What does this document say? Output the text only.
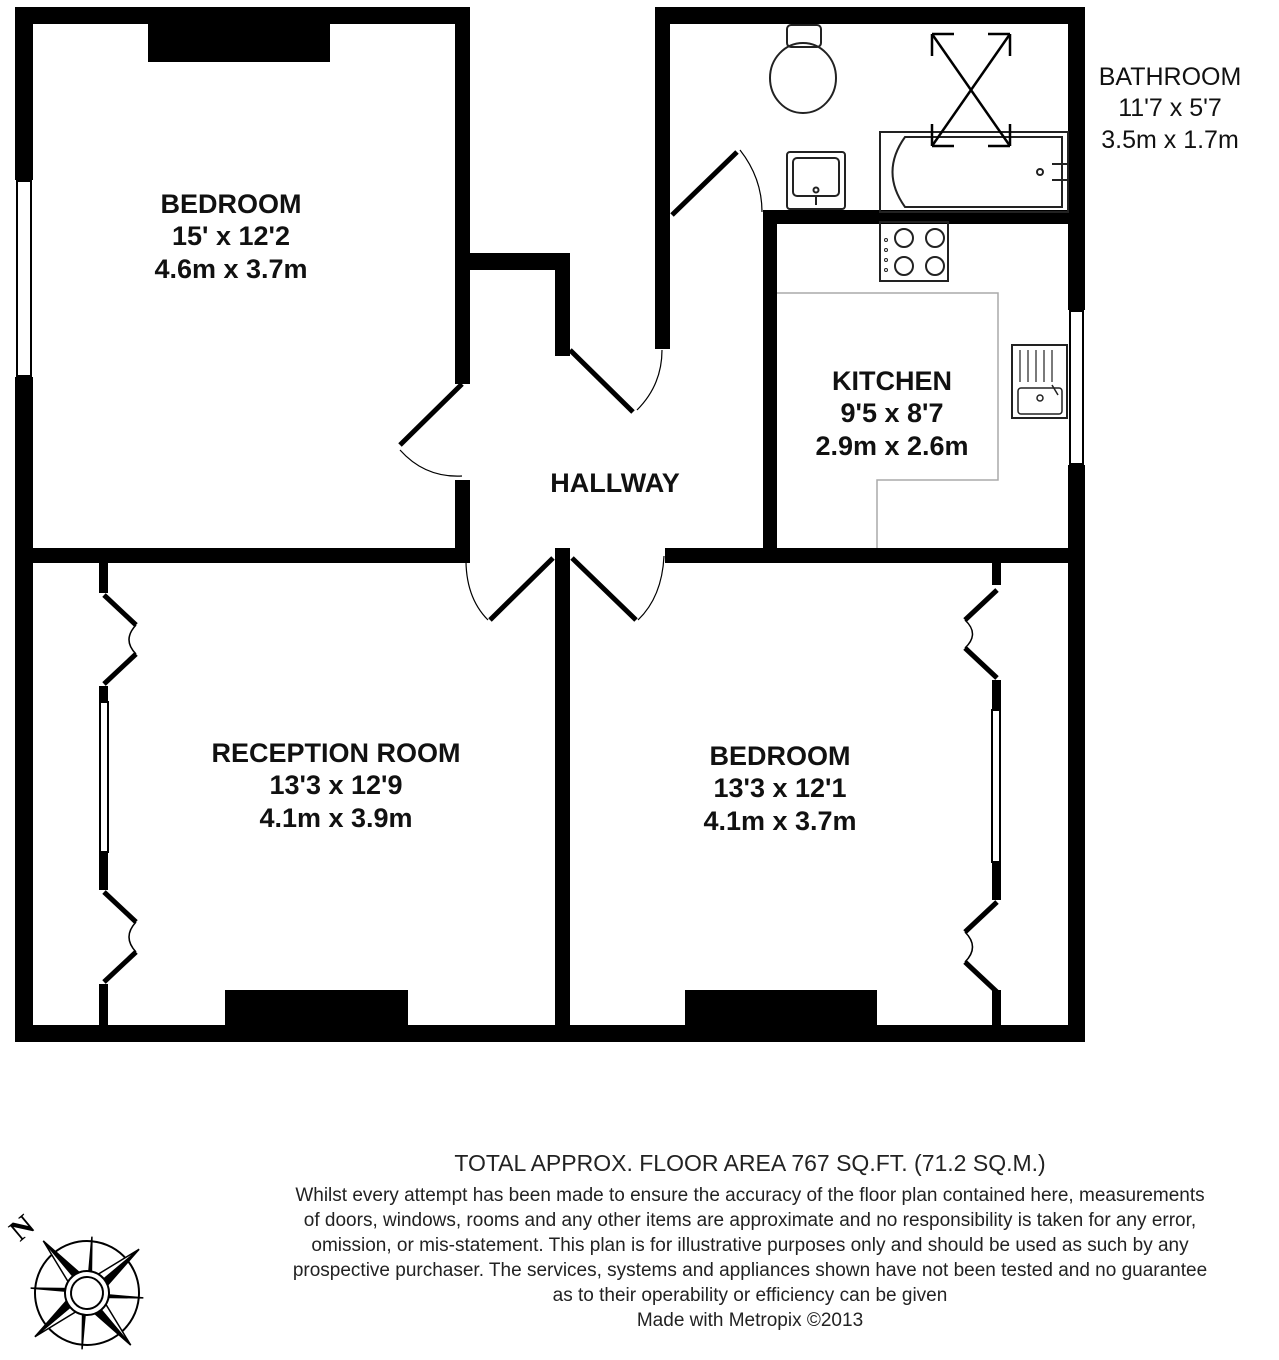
BEDROOM
15' x 12'2
4.6m x 3.7m
BATHROOM
11'7 x 5'7
3.5m x 1.7m
KITCHEN
9'5 x 8'7
2.9m x 2.6m
HALLWAY
RECEPTION ROOM
13'3 x 12'9
4.1m x 3.9m
BEDROOM
13'3 x 12'1
4.1m x 3.7m
N
TOTAL APPROX. FLOOR AREA 767 SQ.FT. (71.2 SQ.M.)
Whilst every attempt has been made to ensure the accuracy of the floor plan contained here, measurements
of doors, windows, rooms and any other items are approximate and no responsibility is taken for any error,
omission, or mis-statement. This plan is for illustrative purposes only and should be used as such by any
prospective purchaser. The services, systems and appliances shown have not been tested and no guarantee
as to their operability or efficiency can be given
Made with Metropix ©2013
